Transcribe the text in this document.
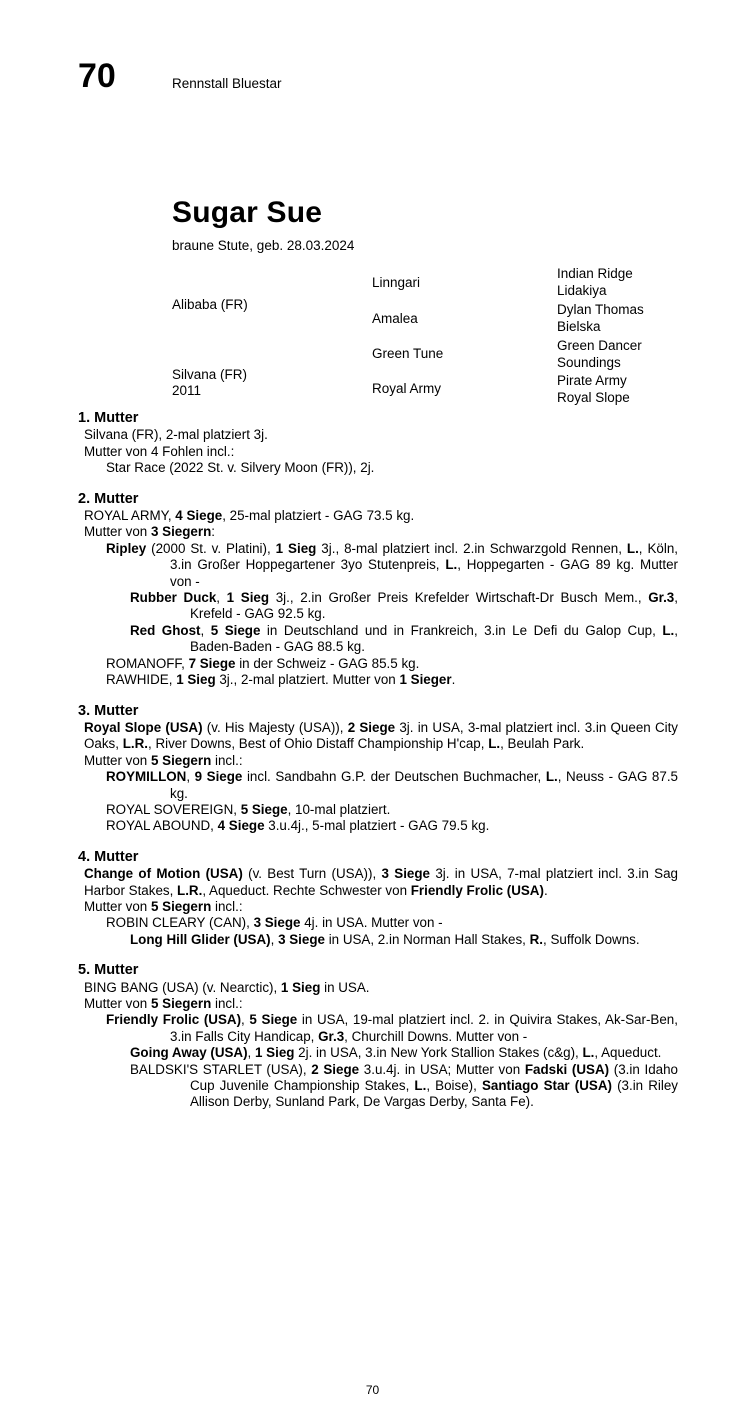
70	Rennstall Bluestar
Sugar Sue
braune Stute, geb. 28.03.2024
Alibaba (FR)
Silvana (FR)
2011
Linngari
Amalea
Green Tune
Royal Army
Indian Ridge
Lidakiya
Dylan Thomas
Bielska
Green Dancer
Soundings
Pirate Army
Royal Slope
1. Mutter
Silvana (FR), 2-mal platziert 3j.
Mutter von 4 Fohlen incl.:
Star Race (2022 St. v. Silvery Moon (FR)), 2j.
2. Mutter
ROYAL ARMY, 4 Siege, 25-mal platziert - GAG 73.5 kg.
Mutter von 3 Siegern:
Ripley (2000 St. v. Platini), 1 Sieg 3j., 8-mal platziert incl. 2.in Schwarzgold Rennen, L., Köln, 3.in Großer Hoppegartener 3yo Stutenpreis, L., Hoppegarten - GAG 89 kg. Mutter von -
Rubber Duck, 1 Sieg 3j., 2.in Großer Preis Krefelder Wirtschaft-Dr Busch Mem., Gr.3, Krefeld - GAG 92.5 kg.
Red Ghost, 5 Siege in Deutschland und in Frankreich, 3.in Le Defi du Galop Cup, L., Baden-Baden - GAG 88.5 kg.
ROMANOFF, 7 Siege in der Schweiz - GAG 85.5 kg.
RAWHIDE, 1 Sieg 3j., 2-mal platziert. Mutter von 1 Sieger.
3. Mutter
Royal Slope (USA) (v. His Majesty (USA)), 2 Siege 3j. in USA, 3-mal platziert incl. 3.in Queen City Oaks, L.R., River Downs, Best of Ohio Distaff Championship H'cap, L., Beulah Park.
Mutter von 5 Siegern incl.:
ROYMILLON, 9 Siege incl. Sandbahn G.P. der Deutschen Buchmacher, L., Neuss - GAG 87.5 kg.
ROYAL SOVEREIGN, 5 Siege, 10-mal platziert.
ROYAL ABOUND, 4 Siege 3.u.4j., 5-mal platziert - GAG 79.5 kg.
4. Mutter
Change of Motion (USA) (v. Best Turn (USA)), 3 Siege 3j. in USA, 7-mal platziert incl. 3.in Sag Harbor Stakes, L.R., Aqueduct. Rechte Schwester von Friendly Frolic (USA).
Mutter von 5 Siegern incl.:
ROBIN CLEARY (CAN), 3 Siege 4j. in USA. Mutter von -
Long Hill Glider (USA), 3 Siege in USA, 2.in Norman Hall Stakes, R., Suffolk Downs.
5. Mutter
BING BANG (USA) (v. Nearctic), 1 Sieg in USA.
Mutter von 5 Siegern incl.:
Friendly Frolic (USA), 5 Siege in USA, 19-mal platziert incl. 2. in Quivira Stakes, Ak-Sar-Ben, 3.in Falls City Handicap, Gr.3, Churchill Downs. Mutter von -
Going Away (USA), 1 Sieg 2j. in USA, 3.in New York Stallion Stakes (c&g), L., Aqueduct.
BALDSKI'S STARLET (USA), 2 Siege 3.u.4j. in USA; Mutter von Fadski (USA) (3.in Idaho Cup Juvenile Championship Stakes, L., Boise), Santiago Star (USA) (3.in Riley Allison Derby, Sunland Park, De Vargas Derby, Santa Fe).
70
